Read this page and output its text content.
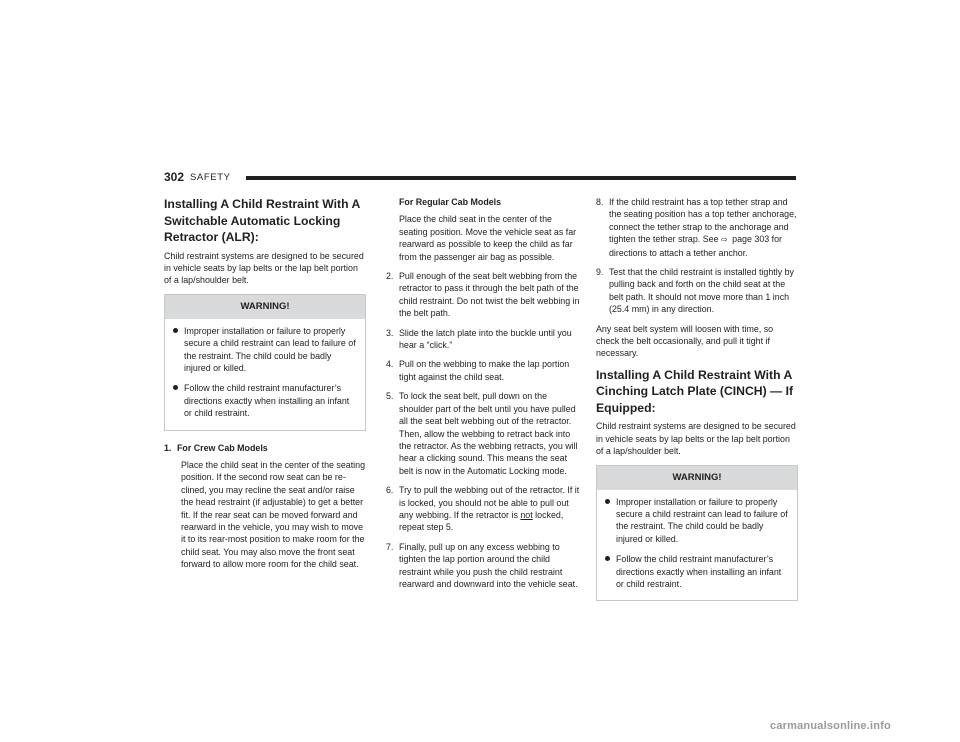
302 SAFETY
Installing A Child Restraint With A Switchable Automatic Locking Retractor (ALR):

Child restraint systems are designed to be secured in vehicle seats by lap belts or the lap belt portion of a lap/shoulder belt.

WARNING!
Improper installation or failure to properly secure a child restraint can lead to failure of the restraint. The child could be badly injured or killed.
Follow the child restraint manufacturer’s directions exactly when installing an infant or child restraint.
1. For Crew Cab Models
Place the child seat in the center of the seating position. If the second row seat can be re-clined, you may recline the seat and/or raise the head restraint (if adjustable) to get a better fit. If the rear seat can be moved forward and rearward in the vehicle, you may wish to move it to its rear-most position to make room for the child seat. You may also move the front seat forward to allow more room for the child seat.
For Regular Cab Models
Place the child seat in the center of the seating position. Move the vehicle seat as far rearward as possible to keep the child as far from the passenger air bag as possible.
2. Pull enough of the seat belt webbing from the retractor to pass it through the belt path of the child restraint. Do not twist the belt webbing in the belt path.
3. Slide the latch plate into the buckle until you hear a “click.”
4. Pull on the webbing to make the lap portion tight against the child seat.
5. To lock the seat belt, pull down on the shoulder part of the belt until you have pulled all the seat belt webbing out of the retractor. Then, allow the webbing to retract back into the retractor. As the webbing retracts, you will hear a clicking sound. This means the seat belt is now in the Automatic Locking mode.
6. Try to pull the webbing out of the retractor. If it is locked, you should not be able to pull out any webbing. If the retractor is not locked, repeat step 5.
7. Finally, pull up on any excess webbing to tighten the lap portion around the child restraint while you push the child restraint rearward and downward into the vehicle seat.
8. If the child restraint has a top tether strap and the seating position has a top tether anchorage, connect the tether strap to the anchorage and tighten the tether strap. See ⇨ page 303 for directions to attach a tether anchor.
9. Test that the child restraint is installed tightly by pulling back and forth on the child seat at the belt path. It should not move more than 1 inch (25.4 mm) in any direction.

Any seat belt system will loosen with time, so check the belt occasionally, and pull it tight if necessary.

Installing A Child Restraint With A Cinching Latch Plate (CINCH) — If Equipped:

Child restraint systems are designed to be secured in vehicle seats by lap belts or the lap belt portion of a lap/shoulder belt.

WARNING!
Improper installation or failure to properly secure a child restraint can lead to failure of the restraint. The child could be badly injured or killed.
Follow the child restraint manufacturer’s directions exactly when installing an infant or child restraint.
carmanualsonline.info
